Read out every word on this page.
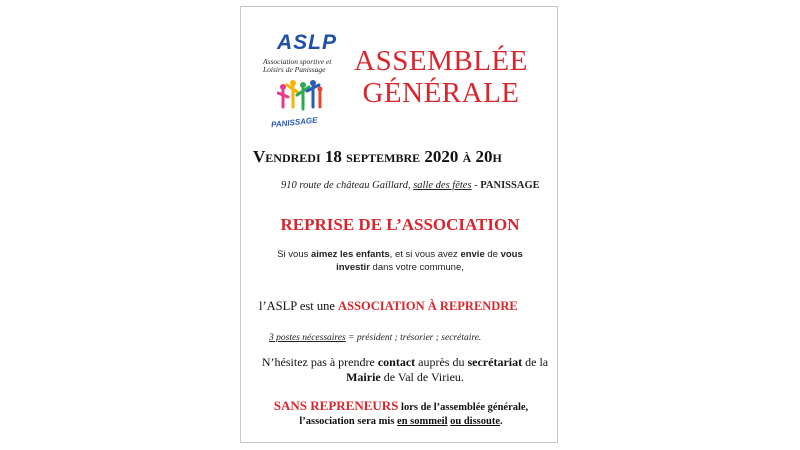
ASLP
Association sportive et Loisirs de Panissage
PANISSAGE
ASSEMBLÉE
GÉNÉRALE
Vendredi 18 septembre 2020 à 20h
910 route de château Gaillard, salle des fêtes - PANISSAGE
REPRISE DE L’ASSOCIATION
Si vous aimez les enfants, et si vous avez envie de vous investir dans votre commune,
l’ASLP est une ASSOCIATION À REPRENDRE
3 postes nécessaires = président ; trésorier ; secrétaire.
N’hésitez pas à prendre contact auprès du secrétariat de la Mairie de Val de Virieu.
SANS REPRENEURS lors de l’assemblée générale, l’association sera mis en sommeil ou dissoute.
